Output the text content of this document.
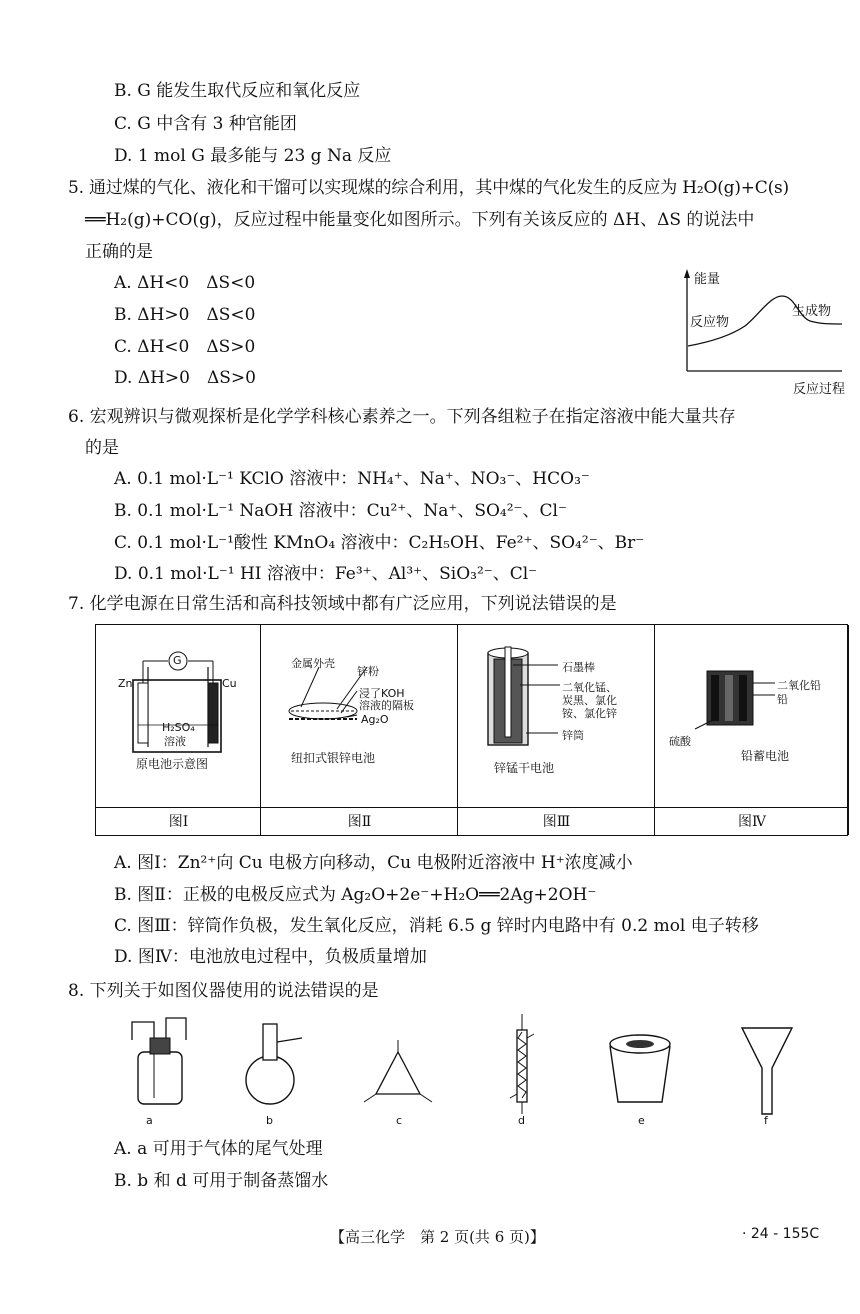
B. G 能发生取代反应和氧化反应
C. G 中含有 3 种官能团
D. 1 mol G 最多能与 23 g Na 反应
5. 通过煤的气化、液化和干馏可以实现煤的综合利用，其中煤的气化发生的反应为 H₂O(g)+C(s)
══H₂(g)+CO(g)，反应过程中能量变化如图所示。下列有关该反应的 ΔH、ΔS 的说法中
正确的是
A. ΔH<0　ΔS<0
B. ΔH>0　ΔS<0
C. ΔH<0　ΔS>0
D. ΔH>0　ΔS>0
能量
反应物
生成物
反应过程
6. 宏观辨识与微观探析是化学学科核心素养之一。下列各组粒子在指定溶液中能大量共存
的是
A. 0.1 mol·L⁻¹ KClO 溶液中：NH₄⁺、Na⁺、NO₃⁻、HCO₃⁻
B. 0.1 mol·L⁻¹ NaOH 溶液中：Cu²⁺、Na⁺、SO₄²⁻、Cl⁻
C. 0.1 mol·L⁻¹酸性 KMnO₄ 溶液中：C₂H₅OH、Fe²⁺、SO₄²⁻、Br⁻
D. 0.1 mol·L⁻¹ HI 溶液中：Fe³⁺、Al³⁺、SiO₃²⁻、Cl⁻
7. 化学电源在日常生活和高科技领域中都有广泛应用，下列说法错误的是
G
Zn	Cu
H₂SO₄
溶液
原电池示意图
金属外壳
锌粉
浸了KOH
溶液的隔板
Ag₂O
纽扣式银锌电池
石墨棒
二氧化锰、
炭黑、氯化
铵、氯化锌
锌筒
锌锰干电池
二氧化铅
铅
硫酸
铅蓄电池
图Ⅰ	图Ⅱ	图Ⅲ	图Ⅳ
A. 图Ⅰ：Zn²⁺向 Cu 电极方向移动，Cu 电极附近溶液中 H⁺浓度减小
B. 图Ⅱ：正极的电极反应式为 Ag₂O+2e⁻+H₂O══2Ag+2OH⁻
C. 图Ⅲ：锌筒作负极，发生氧化反应，消耗 6.5 g 锌时内电路中有 0.2 mol 电子转移
D. 图Ⅳ：电池放电过程中，负极质量增加
8. 下列关于如图仪器使用的说法错误的是
a	b	c	d	e	f
A. a 可用于气体的尾气处理
B. b 和 d 可用于制备蒸馏水
【高三化学　第 2 页(共 6 页)】	· 24 - 155C
